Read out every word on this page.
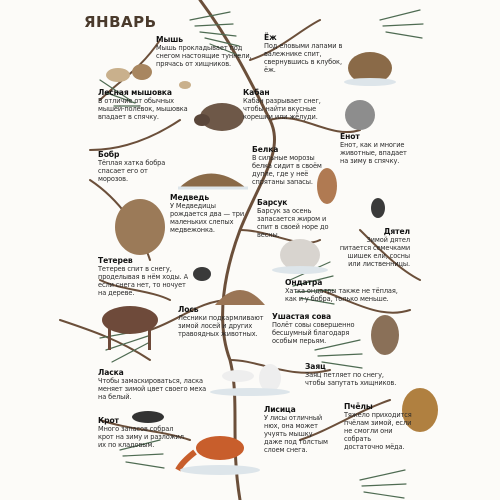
ЯНВАРЬ
Мышь
Мышь прокладывает под снегом настоящие туннели, прячась от хищников.
Ёж
Под еловыми лапами в валежнике спит, свернувшись в клубок, ёж.
Лесная мышовка
В отличие от обычных мышей-полёвок, мышовка впадает в спячку.
Кабан
Кабан разрывает снег, чтобы найти вкусные корешки или жёлуди.
Енот
Енот, как и многие животные, впадает на зиму в спячку.
Бобр
Тёплая хатка бобра спасает его от морозов.
Белка
В сильные морозы белка сидит в своём дупле, где у неё спрятаны запасы.
Медведь
У Медведицы рождается два — три маленьких слепых медвежонка.
Барсук
Барсук за осень запасается жиром и спит в своей норе до весны.	Дятел
Зимой дятел питается семечками шишек ели, сосны или лиственницы.
Тетерев
Тетерев спит в снегу, проделывая в нём ходы. А если снега нет, то ночует на дереве.
Ондатра
Хатка ондатры также не тёплая, как и у бобра, только меньше.
Лось
Лесники подкармливают зимой лосей и других травоядных животных.
Ушастая сова
Полёт совы совершенно бесшумный благодаря особым перьям.
Ласка
Чтобы замаскироваться, ласка меняет зимой цвет своего меха на белый.
Заяц
Заяц петляет по снегу, чтобы запутать хищников.
Пчёлы
Тяжело приходится пчёлам зимой, если не смогли они собрать достаточно мёда.
Крот
Много запасов собрал крот на зиму и разложил их по кладовым.
Лисица
У лисы отличный нюх, она может учуять мышку даже под толстым слоем снега.
